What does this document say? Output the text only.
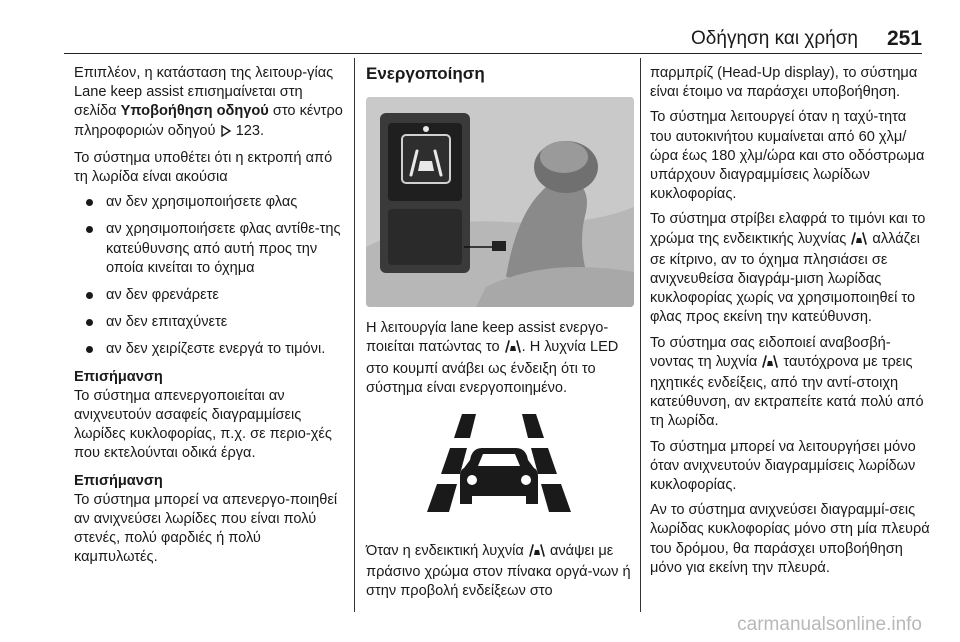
Οδήγηση και χρήση 251

Επιπλέον, η κατάσταση της λειτουρ-γίας Lane keep assist επισημαίνεται στη σελίδα Υποβοήθηση οδηγού στο κέντρο πληροφοριών οδηγού  123.

Το σύστημα υποθέτει ότι η εκτροπή από τη λωρίδα είναι ακούσια

αν δεν χρησιμοποιήσετε φλας
αν χρησιμοποιήσετε φλας αντίθε-της κατεύθυνσης από αυτή προς την οποία κινείται το όχημα
αν δεν φρενάρετε
αν δεν επιταχύνετε
αν δεν χειρίζεστε ενεργά το τιμόνι.
Επισήμανση
Το σύστημα απενεργοποιείται αν ανιχνευτούν ασαφείς διαγραμμίσεις λωρίδες κυκλοφορίας, π.χ. σε περιο-χές που εκτελούνται οδικά έργα.
Επισήμανση
Το σύστημα μπορεί να απενεργο-ποιηθεί αν ανιχνεύσει λωρίδες που είναι πολύ στενές, πολύ φαρδιές ή πολύ καμπυλωτές.
Ενεργοποίηση

Η λειτουργία lane keep assist ενεργο-ποιείται πατώντας το . Η λυχνία LED στο κουμπί ανάβει ως ένδειξη ότι το σύστημα είναι ενεργοποιημένο.

Όταν η ενδεικτική λυχνία  ανάψει με πράσινο χρώμα στον πίνακα οργά-νων ή στην προβολή ενδείξεων στο

παρμπρίζ (Head-Up display), το σύστημα είναι έτοιμο να παράσχει υποβοήθηση.

Το σύστημα λειτουργεί όταν η ταχύ-τητα του αυτοκινήτου κυμαίνεται από 60 χλμ/ώρα έως 180 χλμ/ώρα και στο οδόστρωμα υπάρχουν διαγραμμίσεις λωρίδων κυκλοφορίας.

Το σύστημα στρίβει ελαφρά το τιμόνι και το χρώμα της ενδεικτικής λυχνίας  αλλάζει σε κίτρινο, αν το όχημα πλησιάσει σε ανιχνευθείσα διαγράμ-μιση λωρίδας κυκλοφορίας χωρίς να χρησιμοποιηθεί το φλας προς εκείνη την κατεύθυνση.

Το σύστημα σας ειδοποιεί αναβοσβή-νοντας τη λυχνία  ταυτόχρονα με τρεις ηχητικές ενδείξεις, από την αντί-στοιχη κατεύθυνση, αν εκτραπείτε κατά πολύ από τη λωρίδα.

Το σύστημα μπορεί να λειτουργήσει μόνο όταν ανιχνευτούν διαγραμμίσεις λωρίδων κυκλοφορίας.

Αν το σύστημα ανιχνεύσει διαγραμμί-σεις λωρίδας κυκλοφορίας μόνο στη μία πλευρά του δρόμου, θα παράσχει υποβοήθηση μόνο για εκείνη την πλευρά.

carmanualsonline.info
